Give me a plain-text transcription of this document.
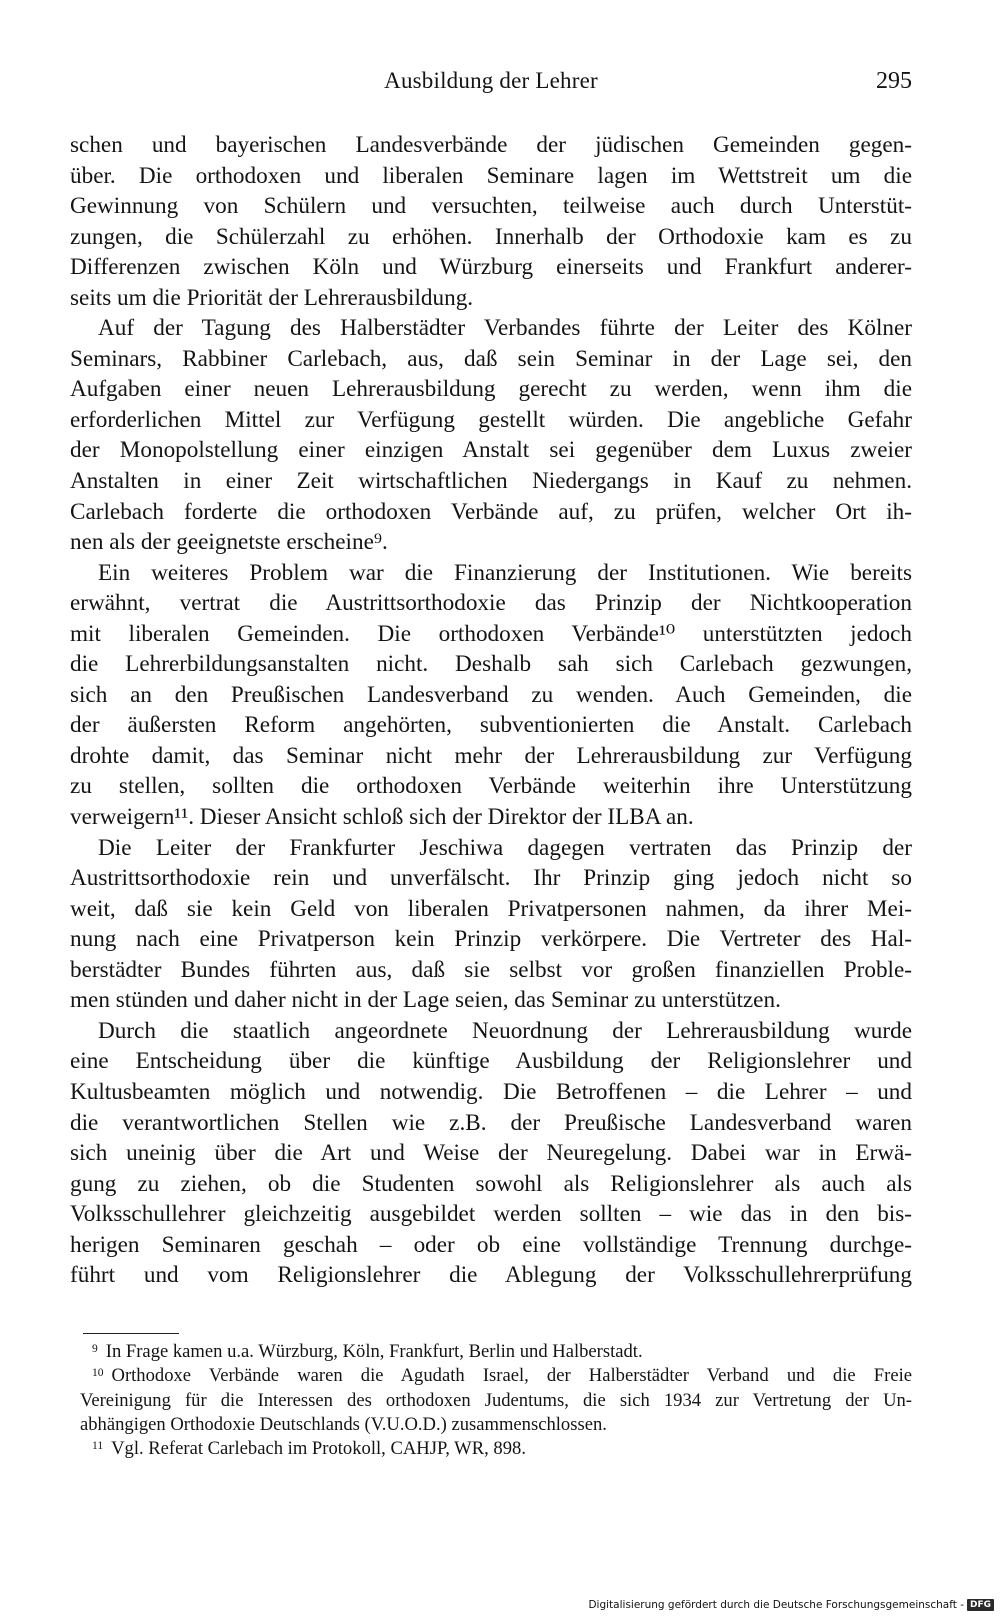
Ausbildung der Lehrer	295

schen und bayerischen Landesverbände der jüdischen Gemeinden gegen-
über. Die orthodoxen und liberalen Seminare lagen im Wettstreit um die
Gewinnung von Schülern und versuchten, teilweise auch durch Unterstüt-
zungen, die Schülerzahl zu erhöhen. Innerhalb der Orthodoxie kam es zu
Differenzen zwischen Köln und Würzburg einerseits und Frankfurt anderer-
seits um die Priorität der Lehrerausbildung.

Auf der Tagung des Halberstädter Verbandes führte der Leiter des Kölner
Seminars, Rabbiner Carlebach, aus, daß sein Seminar in der Lage sei, den
Aufgaben einer neuen Lehrerausbildung gerecht zu werden, wenn ihm die
erforderlichen Mittel zur Verfügung gestellt würden. Die angebliche Gefahr
der Monopolstellung einer einzigen Anstalt sei gegenüber dem Luxus zweier
Anstalten in einer Zeit wirtschaftlichen Niedergangs in Kauf zu nehmen.
Carlebach forderte die orthodoxen Verbände auf, zu prüfen, welcher Ort ih-
nen als der geeignetste erscheine⁹.

Ein weiteres Problem war die Finanzierung der Institutionen. Wie bereits
erwähnt, vertrat die Austrittsorthodoxie das Prinzip der Nichtkooperation
mit liberalen Gemeinden. Die orthodoxen Verbände¹⁰ unterstützten jedoch
die Lehrerbildungsanstalten nicht. Deshalb sah sich Carlebach gezwungen,
sich an den Preußischen Landesverband zu wenden. Auch Gemeinden, die
der äußersten Reform angehörten, subventionierten die Anstalt. Carlebach
drohte damit, das Seminar nicht mehr der Lehrerausbildung zur Verfügung
zu stellen, sollten die orthodoxen Verbände weiterhin ihre Unterstützung
verweigern¹¹. Dieser Ansicht schloß sich der Direktor der ILBA an.

Die Leiter der Frankfurter Jeschiwa dagegen vertraten das Prinzip der
Austrittsorthodoxie rein und unverfälscht. Ihr Prinzip ging jedoch nicht so
weit, daß sie kein Geld von liberalen Privatpersonen nahmen, da ihrer Mei-
nung nach eine Privatperson kein Prinzip verkörpere. Die Vertreter des Hal-
berstädter Bundes führten aus, daß sie selbst vor großen finanziellen Proble-
men stünden und daher nicht in der Lage seien, das Seminar zu unterstützen.

Durch die staatlich angeordnete Neuordnung der Lehrerausbildung wurde
eine Entscheidung über die künftige Ausbildung der Religionslehrer und
Kultusbeamten möglich und notwendig. Die Betroffenen – die Lehrer – und
die verantwortlichen Stellen wie z.B. der Preußische Landesverband waren
sich uneinig über die Art und Weise der Neuregelung. Dabei war in Erwä-
gung zu ziehen, ob die Studenten sowohl als Religionslehrer als auch als
Volksschullehrer gleichzeitig ausgebildet werden sollten – wie das in den bis-
herigen Seminaren geschah – oder ob eine vollständige Trennung durchge-
führt und vom Religionslehrer die Ablegung der Volksschullehrerprüfung

$^9$ In Frage kamen u.a. Würzburg, Köln, Frankfurt, Berlin und Halberstadt.
$^{10}$ Orthodoxe Verbände waren die Agudath Israel, der Halberstädter Verband und die Freie
Vereinigung für die Interessen des orthodoxen Judentums, die sich 1934 zur Vertretung der Un-
abhängigen Orthodoxie Deutschlands (V.U.O.D.) zusammenschlossen.
$^{11}$ Vgl. Referat Carlebach im Protokoll, CAHJP, WR, 898.
Digitalisierung gefördert durch die Deutsche Forschungsgemeinschaft - DFG
